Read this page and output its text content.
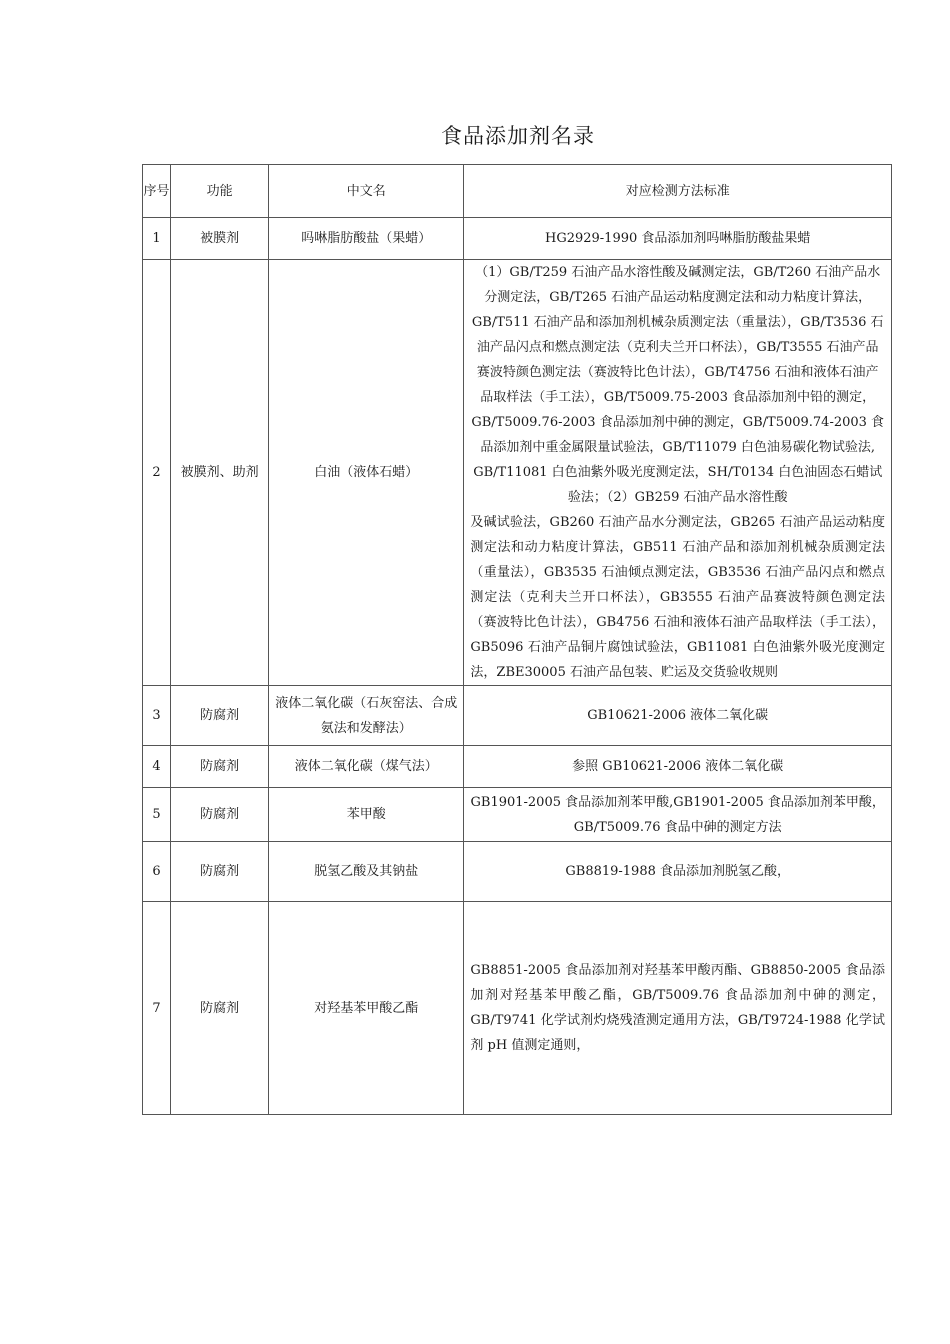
食品添加剂名录
序号	功能	中文名	对应检测方法标准
1	被膜剂	吗啉脂肪酸盐（果蜡）	HG2929-1990 食品添加剂吗啉脂肪酸盐果蜡
2	被膜剂、助剂	白油（液体石蜡）	（1）GB/T259 石油产品水溶性酸及碱测定法，GB/T260 石油产品水分测定法，GB/T265 石油产品运动粘度测定法和动力粘度计算法，GB/T511 石油产品和添加剂机械杂质测定法（重量法），GB/T3536 石油产品闪点和燃点测定法（克利夫兰开口杯法），GB/T3555 石油产品赛波特颜色测定法（赛波特比色计法），GB/T4756 石油和液体石油产品取样法（手工法），GB/T5009.75-2003 食品添加剂中铅的测定，GB/T5009.76-2003 食品添加剂中砷的测定，GB/T5009.74-2003 食品添加剂中重金属限量试验法，GB/T11079 白色油易碳化物试验法, GB/T11081 白色油紫外吸光度测定法，SH/T0134 白色油固态石蜡试验法；（2）GB259 石油产品水溶性酸
及碱试验法，GB260 石油产品水分测定法，GB265 石油产品运动粘度测定法和动力粘度计算法，GB511 石油产品和添加剂机械杂质测定法（重量法），GB3535 石油倾点测定法，GB3536 石油产品闪点和燃点测定法（克利夫兰开口杯法），GB3555 石油产品赛波特颜色测定法（赛波特比色计法），GB4756 石油和液体石油产品取样法（手工法），GB5096 石油产品铜片腐蚀试验法，GB11081 白色油紫外吸光度测定法，ZBE30005 石油产品包装、贮运及交货验收规则

3	防腐剂	液体二氧化碳（石灰窑法、合成氨法和发酵法）	GB10621-2006 液体二氧化碳
4	防腐剂	液体二氧化碳（煤气法）	参照 GB10621-2006 液体二氧化碳
5	防腐剂	苯甲酸	GB1901-2005 食品添加剂苯甲酸,GB1901-2005 食品添加剂苯甲酸，GB/T5009.76 食品中砷的测定方法
6	防腐剂	脱氢乙酸及其钠盐	GB8819-1988 食品添加剂脱氢乙酸，
7	防腐剂	对羟基苯甲酸乙酯	GB8851-2005 食品添加剂对羟基苯甲酸丙酯、GB8850-2005 食品添加剂对羟基苯甲酸乙酯，GB/T5009.76 食品添加剂中砷的测定，GB/T9741 化学试剂灼烧残渣测定通用方法，GB/T9724-1988 化学试剂 pH 值测定通则，
